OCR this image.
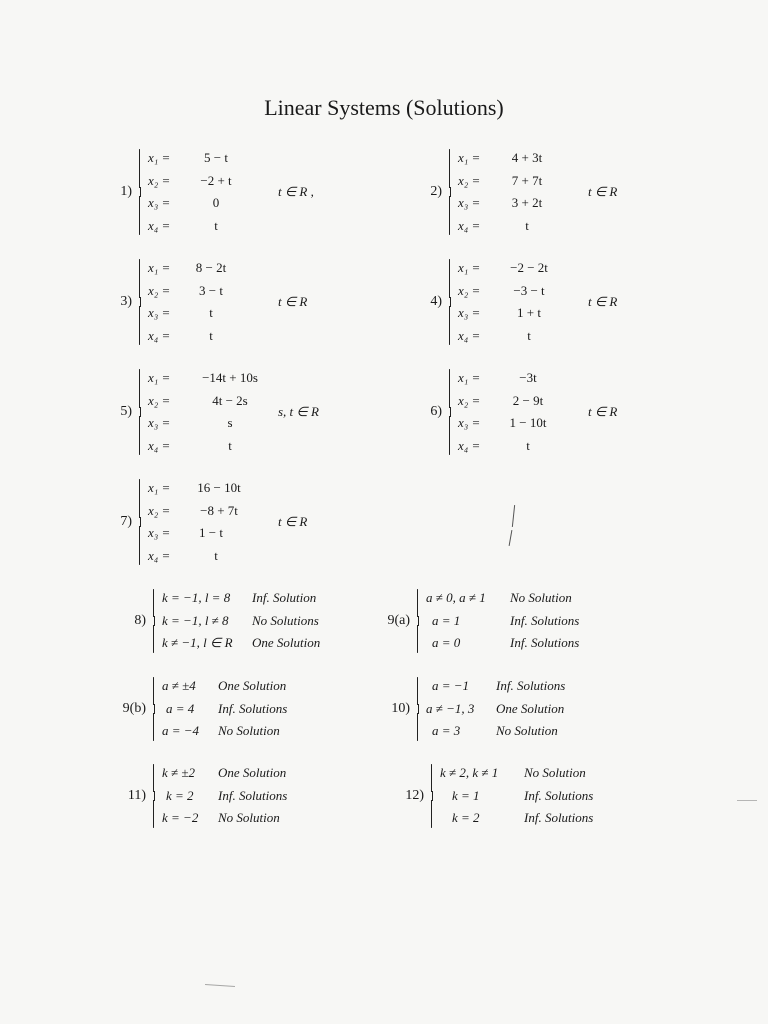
Linear Systems (Solutions)
1)
x₁ =	5 − t
x₂ =	−2 + t
x₃ =	0
x₄ =	t
t ∈ R ,	2)
x₁ =	4 + 3t
x₂ =	7 + 7t
x₃ =	3 + 2t
x₄ =	t
t ∈ R
3)
x₁ =	8 − 2t
x₂ =	3 − t
x₃ =	t
x₄ =	t
t ∈ R	4)
x₁ =	−2 − 2t
x₂ =	−3 − t
x₃ =	1 + t
x₄ =	t
t ∈ R
5)
x₁ =	−14t + 10s
x₂ =	4t − 2s
x₃ =	s
x₄ =	t
s, t ∈ R	6)
x₁ =	−3t
x₂ =	2 − 9t
x₃ =	1 − 10t
x₄ =	t
t ∈ R
7)
x₁ =	16 − 10t
x₂ =	−8 + 7t
x₃ =	1 − t
x₄ =	t
t ∈ R
8)
k = −1, l = 8	Inf. Solution
k = −1, l ≠ 8	No Solutions
k ≠ −1, l ∈ R	One Solution
9(a)
a ≠ 0, a ≠ 1	No Solution
a = 1	Inf. Solutions
a = 0	Inf. Solutions
9(b)
a ≠ ±4	One Solution
a = 4	Inf. Solutions
a = −4	No Solution
10)
a = −1	Inf. Solutions
a ≠ −1, 3	One Solution
a = 3	No Solution
11)
k ≠ ±2	One Solution
k = 2	Inf. Solutions
k = −2	No Solution
12)
k ≠ 2, k ≠ 1	No Solution
k = 1	Inf. Solutions
k = 2	Inf. Solutions
